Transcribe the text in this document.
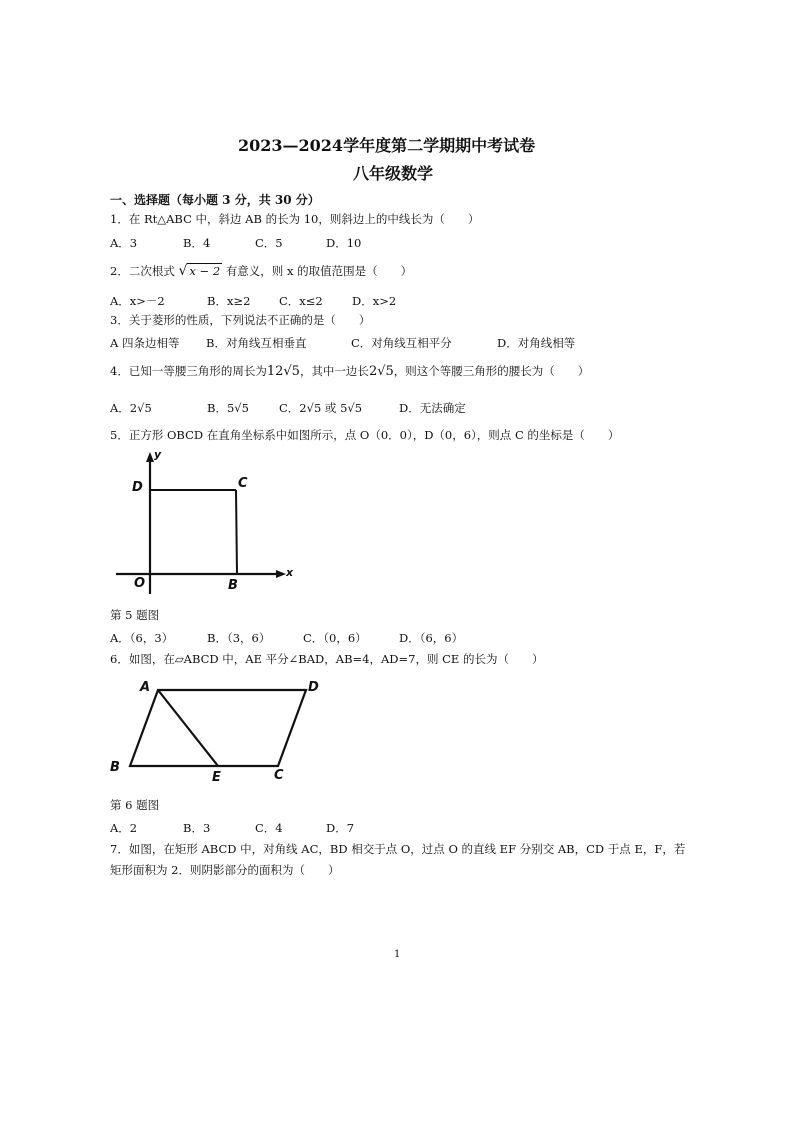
2023—2024学年度第二学期期中考试卷
八年级数学
一、选择题（每小题 3 分，共 30 分）
1．在 Rt△ABC 中，斜边 AB 的长为 10，则斜边上的中线长为（　　）
A．3	B．4	C．5	D．10
2．二次根式 √ x − 2 有意义，则 x 的取值范围是（　　）
A．x>－2	B．x≥2 C．x≤2	D．x>2
3．关于菱形的性质，下列说法不正确的是（　　）
A 四条边相等 B．对角线互相垂直	C．对角线互相平分	D．对角线相等
4．已知一等腰三角形的周长为12√5，其中一边长2√5，则这个等腰三角形的腰长为（　　）
A．2√5	B．5√5	C．2√5 或 5√5	D．无法确定
5．正方形 OBCD 在直角坐标系中如图所示，点 O（0．0），D（0，6），则点 C 的坐标是（　　）
y
D	C
O	B
x
第 5 题图
A．（6，3）	B．（3，6）	C．（0，6）	D．（6，6）
6．如图，在▱ABCD 中，AE 平分∠BAD，AB=4，AD=7，则 CE 的长为（　　）
A	D
B
E	C
第 6 题图
A．2	B．3	C．4	D．7
7．如图，在矩形 ABCD 中，对角线 AC，BD 相交于点 O，过点 O 的直线 EF 分别交 AB，CD 于点 E，F，若
矩形面积为 2．则阴影部分的面积为（　　）
1
